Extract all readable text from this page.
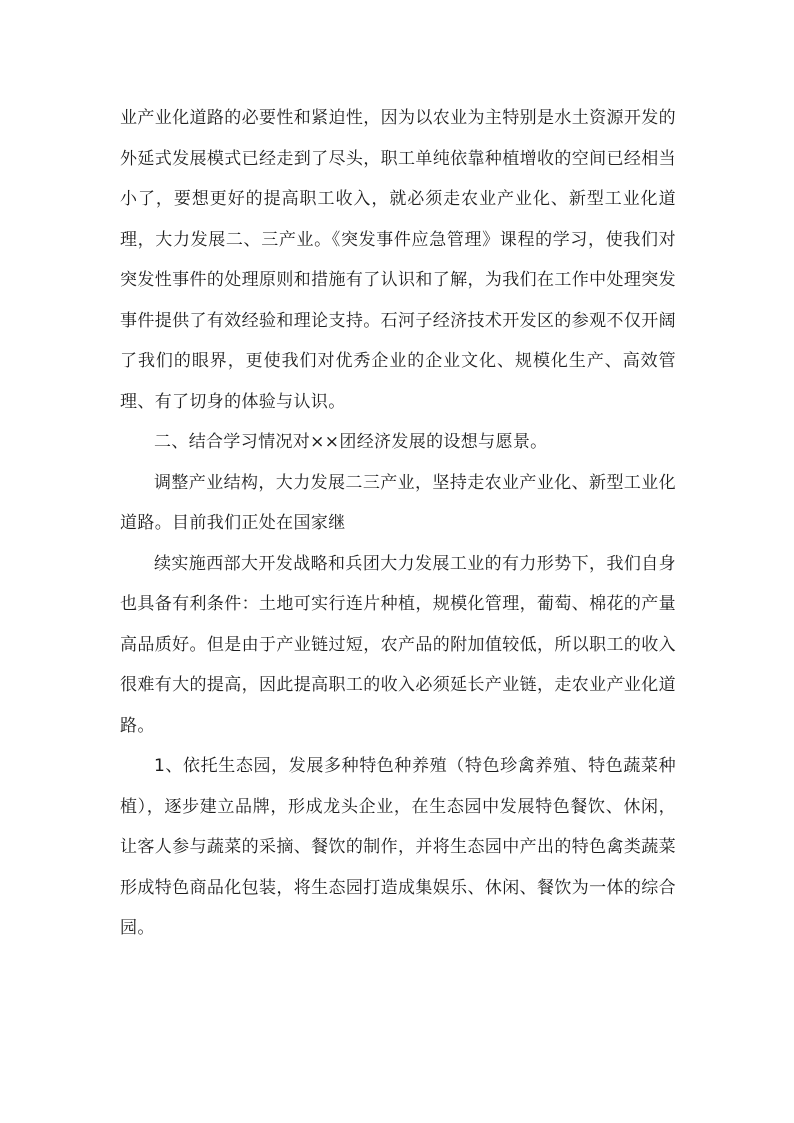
业产业化道路的必要性和紧迫性，因为以农业为主特别是水土资源开发的外延式发展模式已经走到了尽头，职工单纯依靠种植增收的空间已经相当小了，要想更好的提高职工收入，就必须走农业产业化、新型工业化道理，大力发展二、三产业。《突发事件应急管理》课程的学习，使我们对突发性事件的处理原则和措施有了认识和了解，为我们在工作中处理突发事件提供了有效经验和理论支持。石河子经济技术开发区的参观不仅开阔了我们的眼界，更使我们对优秀企业的企业文化、规模化生产、高效管理、有了切身的体验与认识。

二、结合学习情况对××团经济发展的设想与愿景。

调整产业结构，大力发展二三产业，坚持走农业产业化、新型工业化道路。目前我们正处在国家继

续实施西部大开发战略和兵团大力发展工业的有力形势下，我们自身也具备有利条件：土地可实行连片种植，规模化管理，葡萄、棉花的产量高品质好。但是由于产业链过短，农产品的附加值较低，所以职工的收入很难有大的提高，因此提高职工的收入必须延长产业链，走农业产业化道路。

1、依托生态园，发展多种特色种养殖（特色珍禽养殖、特色蔬菜种植），逐步建立品牌，形成龙头企业，在生态园中发展特色餐饮、休闲，让客人参与蔬菜的采摘、餐饮的制作，并将生态园中产出的特色禽类蔬菜形成特色商品化包装，将生态园打造成集娱乐、休闲、餐饮为一体的综合园。
